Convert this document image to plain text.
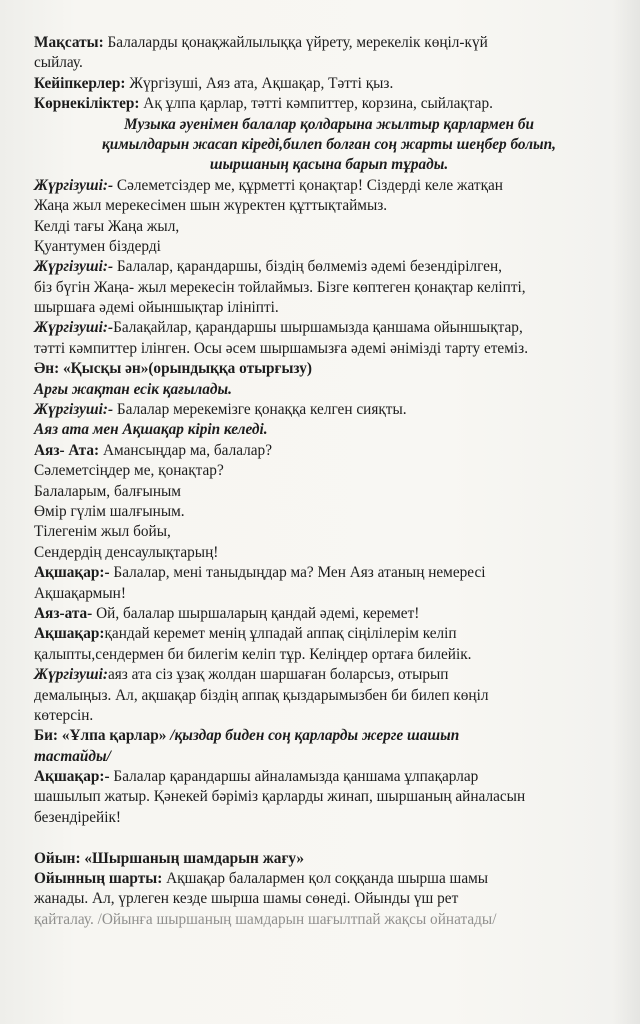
Мақсаты: Балаларды қонақжайлылыққа үйрету, мерекелік көңіл-күй
сыйлау.
Кейіпкерлер: Жүргізуші, Аяз ата, Ақшақар, Тәтті қыз.
Көрнекіліктер: Ақ ұлпа қарлар, тәтті кәмпиттер, корзина, сыйлақтар.
Музыка әуенімен балалар қолдарына жылтыр қарлармен би
қимылдарын жасап кіреді,билеп болған соң жарты шеңбер болып,
шыршаның қасына барып тұрады.
Жүргізуші:- Сәлеметсіздер ме, құрметті қонақтар! Сіздерді келе жатқан
Жаңа жыл мерекесімен шын жүректен құттықтаймыз.
Келді тағы Жаңа жыл,
Қуантумен біздерді
Жүргізуші:- Балалар, қарандаршы, біздің бөлмеміз әдемі безендірілген,
біз бүгін Жаңа- жыл мерекесін тойлаймыз. Бізге көптеген қонақтар келіпті,
шыршаға әдемі ойыншықтар ілініпті.
Жүргізуші:-Балақайлар, қарандаршы шыршамызда қаншама ойыншықтар,
тәтті кәмпиттер ілінген. Осы әсем шыршамызға әдемі әнімізді тарту етеміз.
Ән: «Қысқы ән»(орындыққа отырғызу)
Арғы жақтан есік қағылады.
Жүргізуші:- Балалар мерекемізге қонаққа келген сияқты.
Аяз ата мен Ақшақар кіріп келеді.
Аяз- Ата: Амансыңдар ма, балалар?
Сәлеметсіңдер ме, қонақтар?
Балаларым, балғыным
Өмір гүлім шалғыным.
Тілегенім жыл бойы,
Сендердің денсаулықтарың!
Ақшақар:- Балалар, мені таныдыңдар ма? Мен Аяз атаның немересі
Ақшақармын!
Аяз-ата- Ой, балалар шыршаларың қандай әдемі, керемет!
Ақшақар:қандай керемет менің ұлпадай аппақ сіңілілерім келіп
қалыпты,сендермен би билегім келіп тұр. Келіңдер ортаға билейік.
Жүргізуші:аяз ата сіз ұзақ жолдан шаршаған боларсыз, отырып
демалыңыз. Ал, ақшақар біздің аппақ қыздарымызбен би билеп көңіл
көтерсін.
Би: «Ұлпа қарлар» /қыздар биден соң қарларды жерге шашып
тастайды/
Ақшақар:- Балалар қарандаршы айналамызда қаншама ұлпақарлар
шашылып жатыр. Қәнекей бәріміз қарларды жинап, шыршаның айналасын
безендірейік!
Ойын: «Шыршаның шамдарын жағу»
Ойынның шарты: Ақшақар балалармен қол соққанда шырша шамы
жанады. Ал, үрлеген кезде шырша шамы сөнеді. Ойынды үш рет
қайталау. /Ойынға шыршаның шамдарын шағылтпай жақсы ойнатады/
